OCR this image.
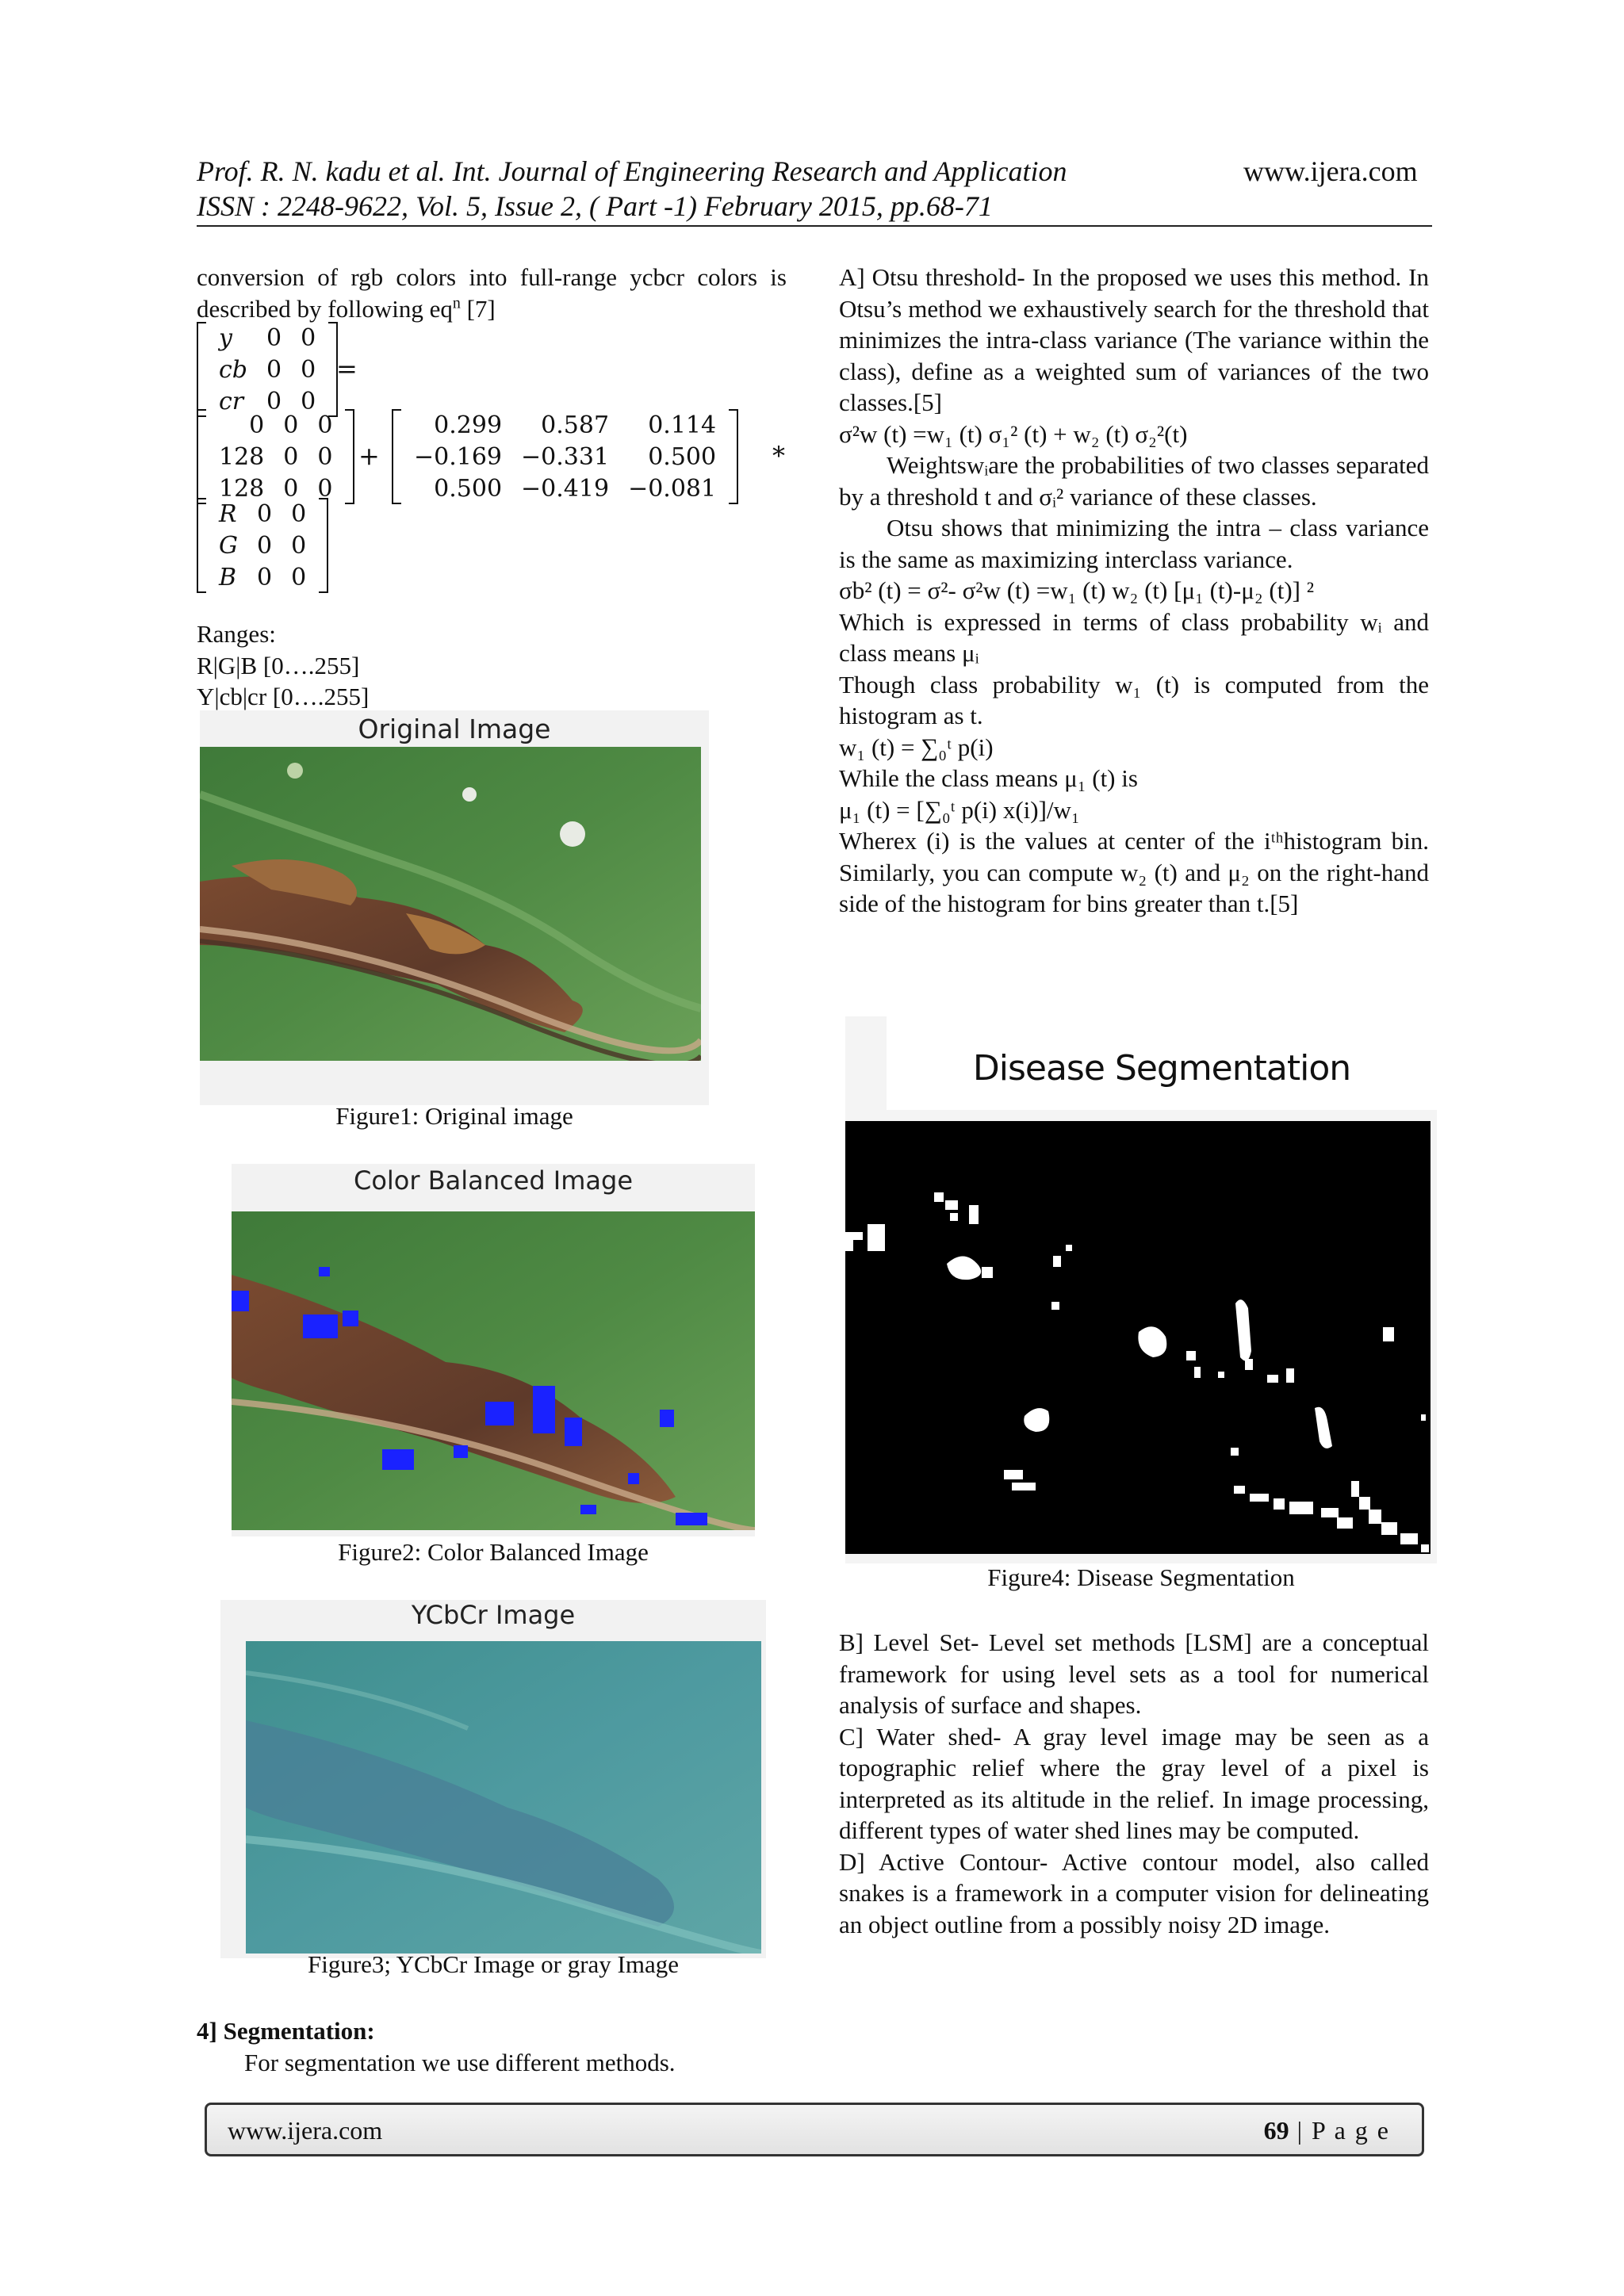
Prof. R. N. kadu et al. Int. Journal of Engineering Research and Application
ISSN : 2248-9622, Vol. 5, Issue 2, ( Part -1) February 2015, pp.68-71
www.ijera.com
conversion of rgb colors into full-range ycbcr colors is described by following $eq^n$ [7]
y	0	0
cb	0	0
cr	0	0
=
0	0	0
128	0	0
128	0	0
+
0.299	0.587	0.114
−0.169	−0.331	0.500
0.500	−0.419	−0.081
*
R	0	0
G	0	0
B	0	0

Ranges:

R|G|B [0….255]

Y|cb|cr [0….255]

Original Image
Figure1: Original image
Color Balanced Image
Figure2: Color Balanced Image
YCbCr Image
Figure3; YCbCr Image or gray Image

4] Segmentation:

For segmentation we use different methods.

A] Otsu threshold- In the proposed we uses this method. In Otsu’s method we exhaustively search for the threshold that minimizes the intra-class variance (The variance within the class), define as a weighted sum of variances of the two classes.[5]

σ²w (t) =w₁ (t) σ₁² (t) + w₂ (t) σ₂²(t)

Weightswᵢare the probabilities of two classes separated by a threshold t and σᵢ² variance of these classes.

Otsu shows that minimizing the intra – class variance is the same as maximizing interclass variance.

σb² (t) = σ²- σ²w (t) =w₁ (t) w₂ (t) [μ₁ (t)-μ₂ (t)] ²

Which is expressed in terms of class probability wᵢ and class means μᵢ

Though class probability w₁ (t) is computed from the histogram as t.

w₁ (t) = ∑₀ᵗ p(i)

While the class means μ₁ (t) is

μ₁ (t) = [∑₀ᵗ p(i) x(i)]/w₁

Wherex (i) is the values at center of the iᵗʰhistogram bin. Similarly, you can compute w₂ (t) and μ₂ on the right-hand side of the histogram for bins greater than t.[5]

Disease Segmentation
Figure4: Disease Segmentation

B] Level Set- Level set methods [LSM] are a conceptual framework for using level sets as a tool for numerical analysis of surface and shapes.

C] Water shed- A gray level image may be seen as a topographic relief where the gray level of a pixel is interpreted as its altitude in the relief. In image processing, different types of water shed lines may be computed.

D] Active Contour- Active contour model, also called snakes is a framework in a computer vision for delineating an object outline from a possibly noisy 2D image.

www.ijera.com	69 | P a g e
